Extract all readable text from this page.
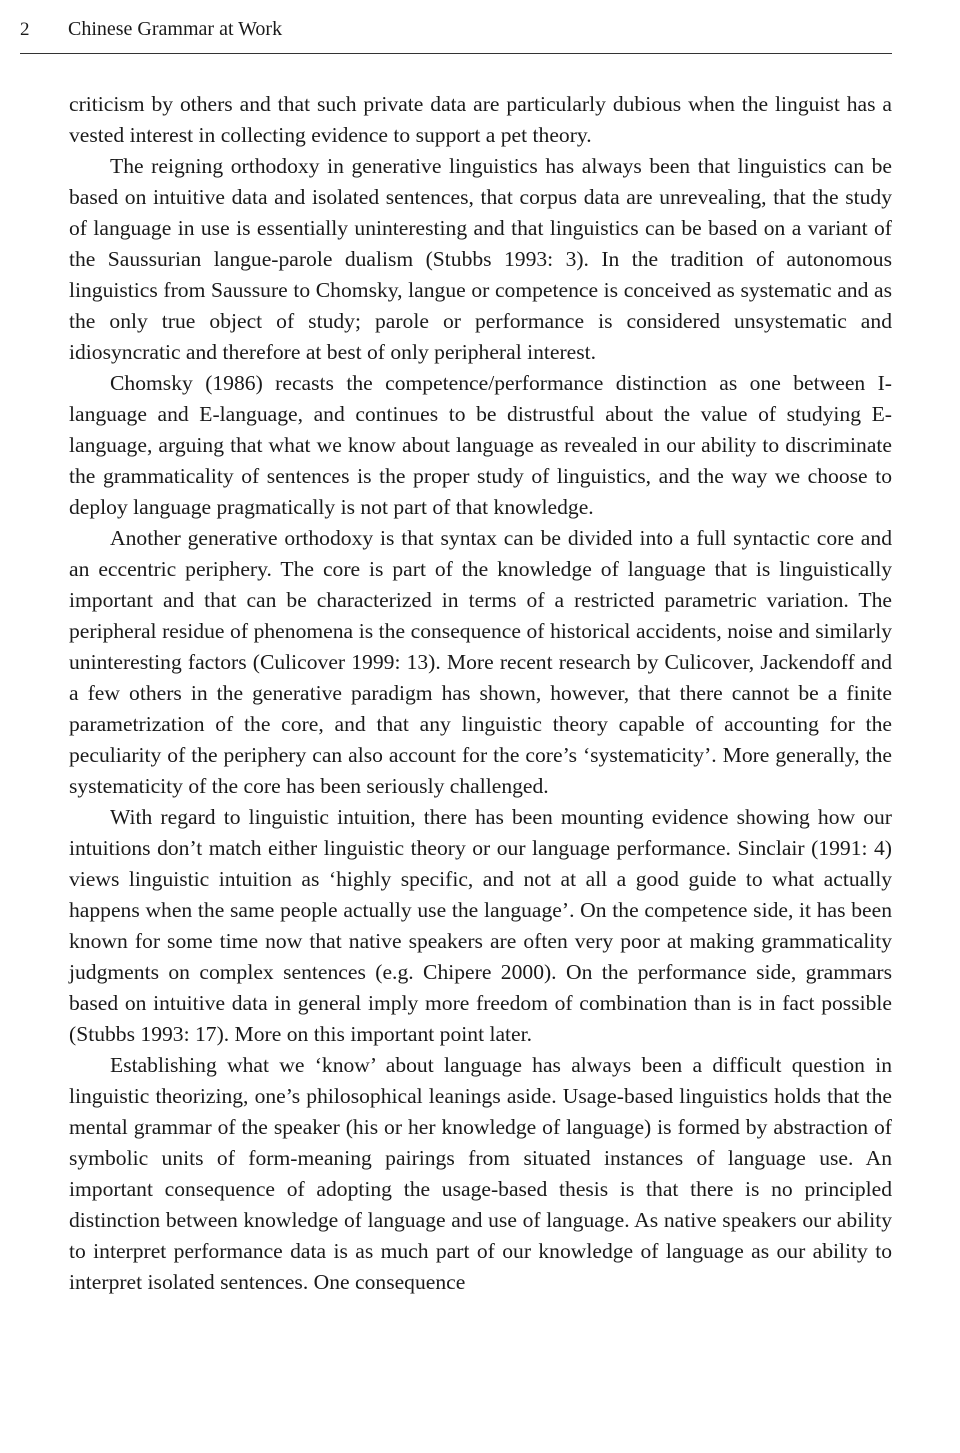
2 Chinese Grammar at Work

criticism by others and that such private data are particularly dubious when the linguist has a vested interest in collecting evidence to support a pet theory.

The reigning orthodoxy in generative linguistics has always been that linguistics can be based on intuitive data and isolated sentences, that corpus data are unrevealing, that the study of language in use is essentially uninteresting and that linguistics can be based on a variant of the Saussurian langue-parole dualism (Stubbs 1993: 3). In the tradition of autonomous linguistics from Saussure to Chomsky, langue or competence is conceived as systematic and as the only true object of study; parole or performance is considered unsystematic and idiosyncratic and therefore at best of only peripheral interest.

Chomsky (1986) recasts the competence/performance distinction as one between I-language and E-language, and continues to be distrustful about the value of studying E-language, arguing that what we know about language as revealed in our ability to discriminate the grammaticality of sentences is the proper study of linguistics, and the way we choose to deploy language pragmatically is not part of that knowledge.

Another generative orthodoxy is that syntax can be divided into a full syntactic core and an eccentric periphery. The core is part of the knowledge of language that is linguistically important and that can be characterized in terms of a restricted parametric variation. The peripheral residue of phenomena is the consequence of historical accidents, noise and similarly uninteresting factors (Culicover 1999: 13). More recent research by Culicover, Jackendoff and a few others in the generative paradigm has shown, however, that there cannot be a finite parametrization of the core, and that any linguistic theory capable of accounting for the peculiarity of the periphery can also account for the core’s ‘systematicity’. More generally, the systematicity of the core has been seriously challenged.

With regard to linguistic intuition, there has been mounting evidence showing how our intuitions don’t match either linguistic theory or our language performance. Sinclair (1991: 4) views linguistic intuition as ‘highly specific, and not at all a good guide to what actually happens when the same people actually use the language’. On the competence side, it has been known for some time now that native speakers are often very poor at making grammaticality judgments on complex sentences (e.g. Chipere 2000). On the performance side, grammars based on intuitive data in general imply more freedom of combination than is in fact possible (Stubbs 1993: 17). More on this important point later.

Establishing what we ‘know’ about language has always been a difficult question in linguistic theorizing, one’s philosophical leanings aside. Usage-based linguistics holds that the mental grammar of the speaker (his or her knowledge of language) is formed by abstraction of symbolic units of form-meaning pairings from situated instances of language use. An important consequence of adopting the usage-based thesis is that there is no principled distinction between knowledge of language and use of language. As native speakers our ability to interpret performance data is as much part of our knowledge of language as our ability to interpret isolated sentences. One consequence
